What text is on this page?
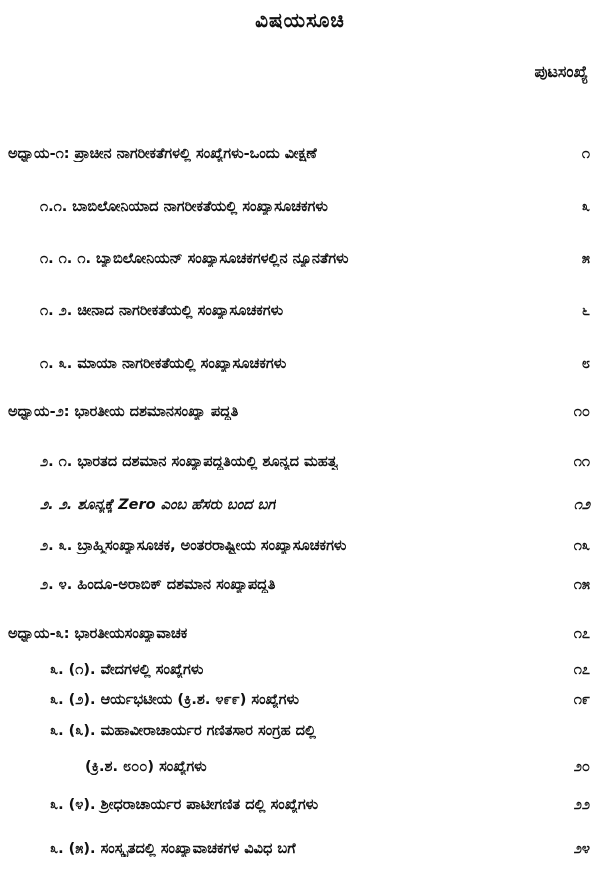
ವಿಷಯಸೂಚಿ
ಪುಟಸಂಖ್ಯೆ
ಅಧ್ಯಾಯ-೧: ಪ್ರಾಚೀನ ನಾಗರೀಕತೆಗಳಲ್ಲಿ ಸಂಖ್ಯೆಗಳು-ಒಂದು ವೀಕ್ಷಣೆ	೧
೧.೧. ಬಾಬಿಲೋನಿಯಾದ ನಾಗರೀಕತೆಯಲ್ಲಿ ಸಂಖ್ಯಾಸೂಚಕಗಳು	೩
೧. ೧. ೧. ಬ್ಯಾಬಿಲೋನಿಯನ್ ಸಂಖ್ಯಾಸೂಚಕಗಳಲ್ಲಿನ ನ್ಯೂನತೆಗಳು	೫
೧. ೨. ಚೀನಾದ ನಾಗರೀಕತೆಯಲ್ಲಿ ಸಂಖ್ಯಾಸೂಚಕಗಳು	೬
೧. ೩. ಮಾಯಾ ನಾಗರೀಕತೆಯಲ್ಲಿ ಸಂಖ್ಯಾಸೂಚಕಗಳು	೮
ಅಧ್ಯಾಯ-೨: ಭಾರತೀಯ ದಶಮಾನಸಂಖ್ಯಾ ಪದ್ಧತಿ	೧೦
೨. ೧. ಭಾರತದ ದಶಮಾನ ಸಂಖ್ಯಾಪದ್ಧತಿಯಲ್ಲಿ ಶೂನ್ಯದ ಮಹತ್ವ	೧೧
೨. ೨. ಶೂನ್ಯಕ್ಕೆ Zero ಎಂಬ ಹೆಸರು ಬಂದ ಬಗೆ	೧೨
೨. ೩. ಬ್ರಾಹ್ಮಿಸಂಖ್ಯಾಸೂಚಕ, ಅಂತರರಾಷ್ಟ್ರೀಯ ಸಂಖ್ಯಾಸೂಚಕಗಳು	೧೩
೨. ೪. ಹಿಂದೂ-ಅರಾಬಿಕ್ ದಶಮಾನ ಸಂಖ್ಯಾಪದ್ಧತಿ	೧೫
ಅಧ್ಯಾಯ-೩: ಭಾರತೀಯಸಂಖ್ಯಾವಾಚಕ	೧೭
೩. (೧). ವೇದಗಳಲ್ಲಿ ಸಂಖ್ಯೆಗಳು	೧೭
೩. (೨). ಆರ್ಯಭಟೀಯ (ಕ್ರಿ.ಶ. ೪೯೯) ಸಂಖ್ಯೆಗಳು	೧೯
೩. (೩). ಮಹಾವೀರಾಚಾರ್ಯರ ಗಣಿತಸಾರ ಸಂಗ್ರಹ ದಲ್ಲಿ
(ಕ್ರಿ.ಶ. ೮೦೦) ಸಂಖ್ಯೆಗಳು	೨೦
೩. (೪). ಶ್ರೀಧರಾಚಾರ್ಯರ ಪಾಟೀಗಣಿತ ದಲ್ಲಿ ಸಂಖ್ಯೆಗಳು	೨೨
೩. (೫). ಸಂಸ್ಕೃತದಲ್ಲಿ ಸಂಖ್ಯಾವಾಚಕಗಳ ವಿವಿಧ ಬಗೆ	೨೪
